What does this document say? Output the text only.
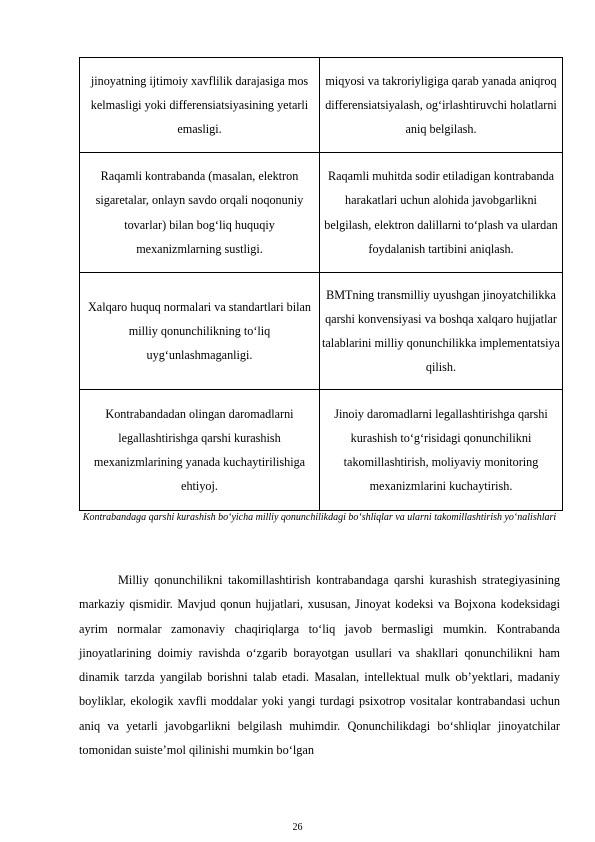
jinoyatning ijtimoiy xavflilik darajasiga mos kelmasligi yoki differensiatsiyasining yetarli emasligi.	miqyosi va takroriyligiga qarab yanada aniqroq differensiatsiyalash, ogʻirlashtiruvchi holatlarni aniq belgilash.
Raqamli kontrabanda (masalan, elektron sigaretalar, onlayn savdo orqali noqonuniy tovarlar) bilan bogʻliq huquqiy mexanizmlarning sustligi.	Raqamli muhitda sodir etiladigan kontrabanda harakatlari uchun alohida javobgarlikni belgilash, elektron dalillarni toʻplash va ulardan foydalanish tartibini aniqlash.
Xalqaro huquq normalari va standartlari bilan milliy qonunchilikning toʻliq uygʻunlashmaganligi.	BMTning transmilliy uyushgan jinoyatchilikka qarshi konvensiyasi va boshqa xalqaro hujjatlar talablarini milliy qonunchilikka implementatsiya qilish.
Kontrabandadan olingan daromadlarni legallashtirishga qarshi kurashish mexanizmlarining yanada kuchaytirilishiga ehtiyoj.	Jinoiy daromadlarni legallashtirishga qarshi kurashish toʻgʻrisidagi qonunchilikni takomillashtirish, moliyaviy monitoring mexanizmlarini kuchaytirish.
Kontrabandaga qarshi kurashish boʻyicha milliy qonunchilikdagi boʻshliqlar va ularni takomillashtirish yoʻnalishlari

Milliy qonunchilikni takomillashtirish kontrabandaga qarshi kurashish strategiyasining markaziy qismidir. Mavjud qonun hujjatlari, xususan, Jinoyat kodeksi va Bojxona kodeksidagi ayrim normalar zamonaviy chaqiriqlarga toʻliq javob bermasligi mumkin. Kontrabanda jinoyatlarining doimiy ravishda oʻzgarib borayotgan usullari va shakllari qonunchilikni ham dinamik tarzda yangilab borishni talab etadi. Masalan, intellektual mulk obʼyektlari, madaniy boyliklar, ekologik xavfli moddalar yoki yangi turdagi psixotrop vositalar kontrabandasi uchun aniq va yetarli javobgarlikni belgilash muhimdir. Qonunchilikdagi boʻshliqlar jinoyatchilar tomonidan suisteʼmol qilinishi mumkin boʻlgan

26
